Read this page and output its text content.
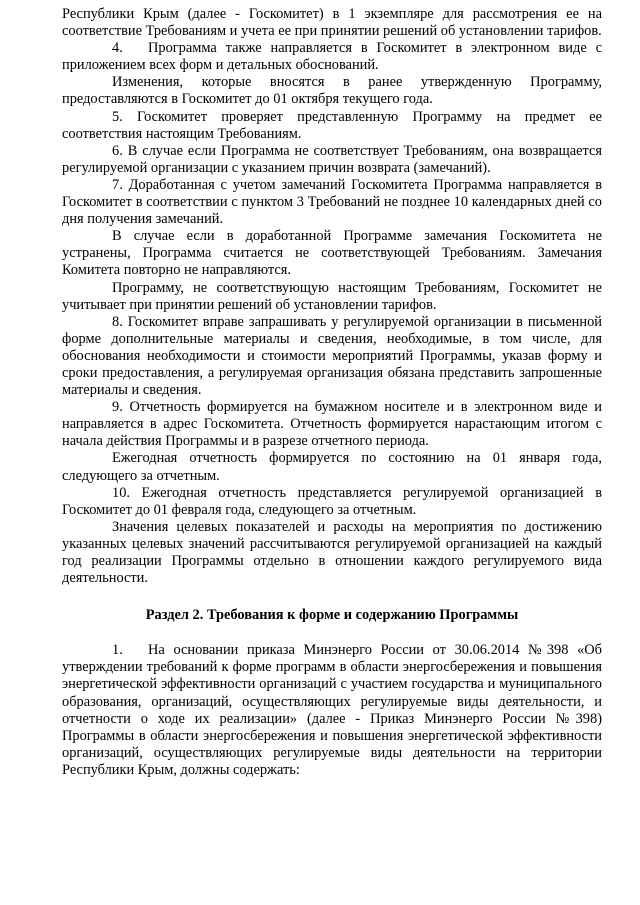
Республики Крым (далее - Госкомитет) в 1 экземпляре для рассмотрения ее на соответствие Требованиям и учета ее при принятии решений об установлении тарифов.

4. Программа также направляется в Госкомитет в электронном виде с приложением всех форм и детальных обоснований.

Изменения, которые вносятся в ранее утвержденную Программу, предоставляются в Госкомитет до 01 октября текущего года.

5. Госкомитет проверяет представленную Программу на предмет ее соответствия настоящим Требованиям.

6. В случае если Программа не соответствует Требованиям, она возвращается регулируемой организации с указанием причин возврата (замечаний).

7. Доработанная с учетом замечаний Госкомитета Программа направляется в Госкомитет в соответствии с пунктом 3 Требований не позднее 10 календарных дней со дня получения замечаний.

В случае если в доработанной Программе замечания Госкомитета не устранены, Программа считается не соответствующей Требованиям. Замечания Комитета повторно не направляются.

Программу, не соответствующую настоящим Требованиям, Госкомитет не учитывает при принятии решений об установлении тарифов.

8. Госкомитет вправе запрашивать у регулируемой организации в письменной форме дополнительные материалы и сведения, необходимые, в том числе, для обоснования необходимости и стоимости мероприятий Программы, указав форму и сроки предоставления, а регулируемая организация обязана представить запрошенные материалы и сведения.

9. Отчетность формируется на бумажном носителе и в электронном виде и направляется в адрес Госкомитета. Отчетность формируется нарастающим итогом с начала действия Программы и в разрезе отчетного периода.

Ежегодная отчетность формируется по состоянию на 01 января года, следующего за отчетным.

10. Ежегодная отчетность представляется регулируемой организацией в Госкомитет до 01 февраля года, следующего за отчетным.

Значения целевых показателей и расходы на мероприятия по достижению указанных целевых значений рассчитываются регулируемой организацией на каждый год реализации Программы отдельно в отношении каждого регулируемого вида деятельности.

Раздел 2. Требования к форме и содержанию Программы

1. На основании приказа Минэнерго России от 30.06.2014 №398 «Об утверждении требований к форме программ в области энергосбережения и повышения энергетической эффективности организаций с участием государства и муниципального образования, организаций, осуществляющих регулируемые виды деятельности, и отчетности о ходе их реализации» (далее - Приказ Минэнерго России №398) Программы в области энергосбережения и повышения энергетической эффективности организаций, осуществляющих регулируемые виды деятельности на территории Республики Крым, должны содержать:
